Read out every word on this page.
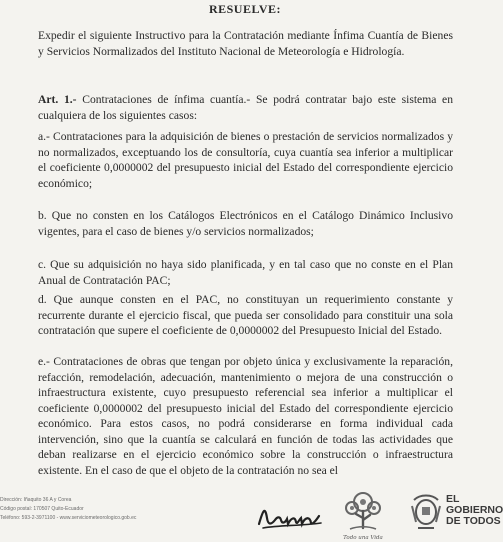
RESUELVE:

Expedir el siguiente Instructivo para la Contratación mediante Ínfima Cuantía de Bienes y Servicios Normalizados del Instituto Nacional de Meteorología e Hidrología.

Art. 1.- Contrataciones de ínfima cuantía.- Se podrá contratar bajo este sistema en cualquiera de los siguientes casos:

a.- Contrataciones para la adquisición de bienes o prestación de servicios normalizados y no normalizados, exceptuando los de consultoría, cuya cuantía sea inferior a multiplicar el coeficiente 0,0000002 del presupuesto inicial del Estado del correspondiente ejercicio económico;

b. Que no consten en los Catálogos Electrónicos en el Catálogo Dinámico Inclusivo vigentes, para el caso de bienes y/o servicios normalizados;

c. Que su adquisición no haya sido planificada, y en tal caso que no conste en el Plan Anual de Contratación PAC;

d. Que aunque consten en el PAC, no constituyan un requerimiento constante y recurrente durante el ejercicio fiscal, que pueda ser consolidado para constituir una sola contratación que supere el coeficiente de 0,0000002 del Presupuesto Inicial del Estado.

e.- Contrataciones de obras que tengan por objeto única y exclusivamente la reparación, refacción, remodelación, adecuación, mantenimiento o mejora de una construcción o infraestructura existente, cuyo presupuesto referencial sea inferior a multiplicar el coeficiente 0,0000002 del presupuesto inicial del Estado del correspondiente ejercicio económico. Para estos casos, no podrá considerarse en forma individual cada intervención, sino que la cuantía se calculará en función de todas las actividades que deban realizarse en el ejercicio económico sobre la construcción o infraestructura existente. En el caso de que el objeto de la contratación no sea el

Dirección: Iñaquito 36 A y Corea
Código postal: 170507 Quito-Ecuador
Teléfono: 593-2-3971100 - www.serviciometeorologico.gob.ec
Todo una Vida
EL
GOBIERNO
DE TODOS
